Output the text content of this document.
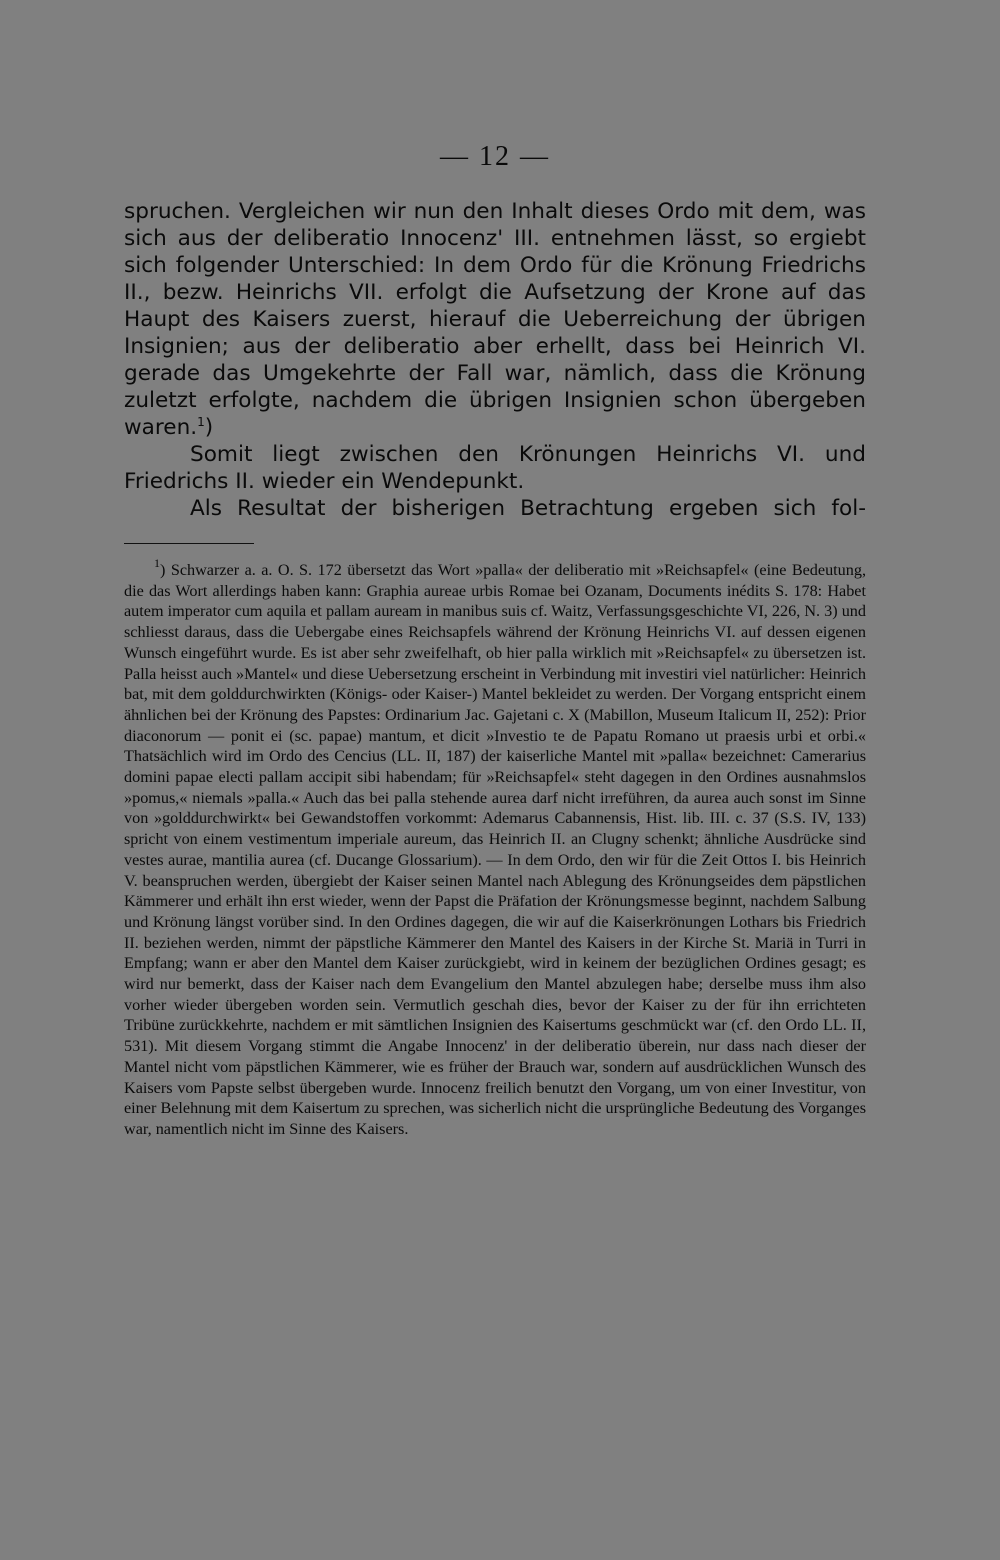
— 12 —

spruchen. Vergleichen wir nun den Inhalt dieses Ordo mit dem, was sich aus der deliberatio Innocenz' III. entnehmen lässt, so ergiebt sich folgender Unterschied: In dem Ordo für die Krönung Friedrichs II., bezw. Heinrichs VII. erfolgt die Aufsetzung der Krone auf das Haupt des Kaisers zuerst, hierauf die Ueberreichung der übrigen Insignien; aus der deliberatio aber erhellt, dass bei Heinrich VI. gerade das Umgekehrte der Fall war, nämlich, dass die Krönung zuletzt erfolgte, nachdem die übrigen Insignien schon übergeben waren.$^1$)

Somit liegt zwischen den Krönungen Heinrichs VI. und Friedrichs II. wieder ein Wendepunkt.

Als Resultat der bisherigen Betrachtung ergeben sich fol-

$^1$) Schwarzer a. a. O. S. 172 übersetzt das Wort »palla« der deliberatio mit »Reichsapfel« (eine Bedeutung, die das Wort allerdings haben kann: Graphia aureae urbis Romae bei Ozanam, Documents inédits S. 178: Habet autem imperator cum aquila et pallam auream in manibus suis cf. Waitz, Verfassungsgeschichte VI, 226, N. 3) und schliesst daraus, dass die Uebergabe eines Reichsapfels während der Krönung Heinrichs VI. auf dessen eigenen Wunsch eingeführt wurde. Es ist aber sehr zweifelhaft, ob hier palla wirklich mit »Reichsapfel« zu übersetzen ist. Palla heisst auch »Mantel« und diese Uebersetzung erscheint in Verbindung mit investiri viel natürlicher: Heinrich bat, mit dem golddurchwirkten (Königs- oder Kaiser-) Mantel bekleidet zu werden. Der Vorgang entspricht einem ähnlichen bei der Krönung des Papstes: Ordinarium Jac. Gajetani c. X (Mabillon, Museum Italicum II, 252): Prior diaconorum — ponit ei (sc. papae) mantum, et dicit »Investio te de Papatu Romano ut praesis urbi et orbi.« Thatsächlich wird im Ordo des Cencius (LL. II, 187) der kaiserliche Mantel mit »palla« bezeichnet: Camerarius domini papae electi pallam accipit sibi habendam; für »Reichsapfel« steht dagegen in den Ordines ausnahmslos »pomus,« niemals »palla.« Auch das bei palla stehende aurea darf nicht irreführen, da aurea auch sonst im Sinne von »golddurchwirkt« bei Gewandstoffen vorkommt: Ademarus Cabannensis, Hist. lib. III. c. 37 (S.S. IV, 133) spricht von einem vestimentum imperiale aureum, das Heinrich II. an Clugny schenkt; ähnliche Ausdrücke sind vestes aurae, mantilia aurea (cf. Ducange Glossarium). — In dem Ordo, den wir für die Zeit Ottos I. bis Heinrich V. beanspruchen werden, übergiebt der Kaiser seinen Mantel nach Ablegung des Krönungseides dem päpstlichen Kämmerer und erhält ihn erst wieder, wenn der Papst die Präfation der Krönungsmesse beginnt, nachdem Salbung und Krönung längst vorüber sind. In den Ordines dagegen, die wir auf die Kaiserkrönungen Lothars bis Friedrich II. beziehen werden, nimmt der päpstliche Kämmerer den Mantel des Kaisers in der Kirche St. Mariä in Turri in Empfang; wann er aber den Mantel dem Kaiser zurückgiebt, wird in keinem der bezüglichen Ordines gesagt; es wird nur bemerkt, dass der Kaiser nach dem Evangelium den Mantel abzulegen habe; derselbe muss ihm also vorher wieder übergeben worden sein. Vermutlich geschah dies, bevor der Kaiser zu der für ihn errichteten Tribüne zurückkehrte, nachdem er mit sämtlichen Insignien des Kaisertums geschmückt war (cf. den Ordo LL. II, 531). Mit diesem Vorgang stimmt die Angabe Innocenz' in der deliberatio überein, nur dass nach dieser der Mantel nicht vom päpstlichen Kämmerer, wie es früher der Brauch war, sondern auf ausdrücklichen Wunsch des Kaisers vom Papste selbst übergeben wurde. Innocenz freilich benutzt den Vorgang, um von einer Investitur, von einer Belehnung mit dem Kaisertum zu sprechen, was sicherlich nicht die ursprüngliche Bedeutung des Vorganges war, namentlich nicht im Sinne des Kaisers.
